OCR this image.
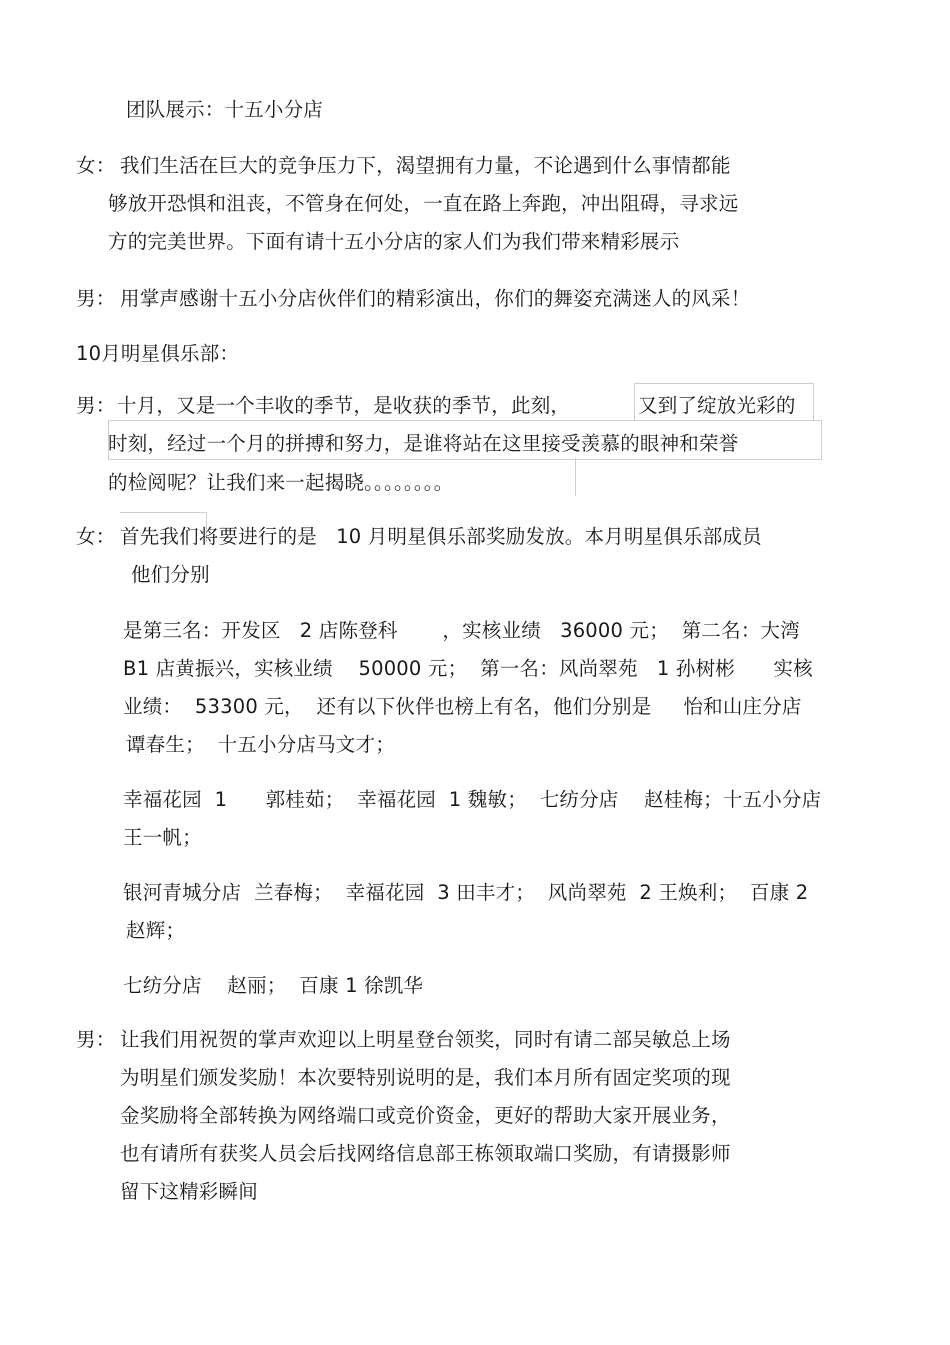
团队展示：十五小分店
女： 我们生活在巨大的竞争压力下，渴望拥有力量，不论遇到什么事情都能
够放开恐惧和沮丧，不管身在何处，一直在路上奔跑，冲出阻碍，寻求远
方的完美世界。下面有请十五小分店的家人们为我们带来精彩展示
男： 用掌声感谢十五小分店伙伴们的精彩演出，你们的舞姿充满迷人的风采！
10月明星俱乐部：
男： 十月，又是一个丰收的季节，是收获的季节，此刻，	又到了绽放光彩的
时刻，经过一个月的拼搏和努力，是谁将站在这里接受羡慕的眼神和荣誉
的检阅呢？让我们来一起揭晓。。。。。。。。
女： 首先我们将要进行的是   10 月明星俱乐部奖励发放。本月明星俱乐部成员
他们分别
是第三名：开发区   2 店陈登科       ，实核业绩   36000 元；  第二名：大湾
B1 店黄振兴，实核业绩    50000 元；  第一名：风尚翠苑   1 孙树彬      实核
业绩：  53300 元，  还有以下伙伴也榜上有名，他们分别是     怡和山庄分店
谭春生；  十五小分店马文才；
幸福花园  1      郭桂茹；  幸福花园  1 魏敏；  七纺分店    赵桂梅；十五小分店
王一帆；
银河青城分店  兰春梅；  幸福花园  3 田丰才；  风尚翠苑  2 王焕利；  百康 2
赵辉；
七纺分店    赵丽；  百康 1 徐凯华
男： 让我们用祝贺的掌声欢迎以上明星登台领奖，同时有请二部吴敏总上场
为明星们颁发奖励！本次要特别说明的是，我们本月所有固定奖项的现
金奖励将全部转换为网络端口或竞价资金，更好的帮助大家开展业务，
也有请所有获奖人员会后找网络信息部王栋领取端口奖励，有请摄影师
留下这精彩瞬间
